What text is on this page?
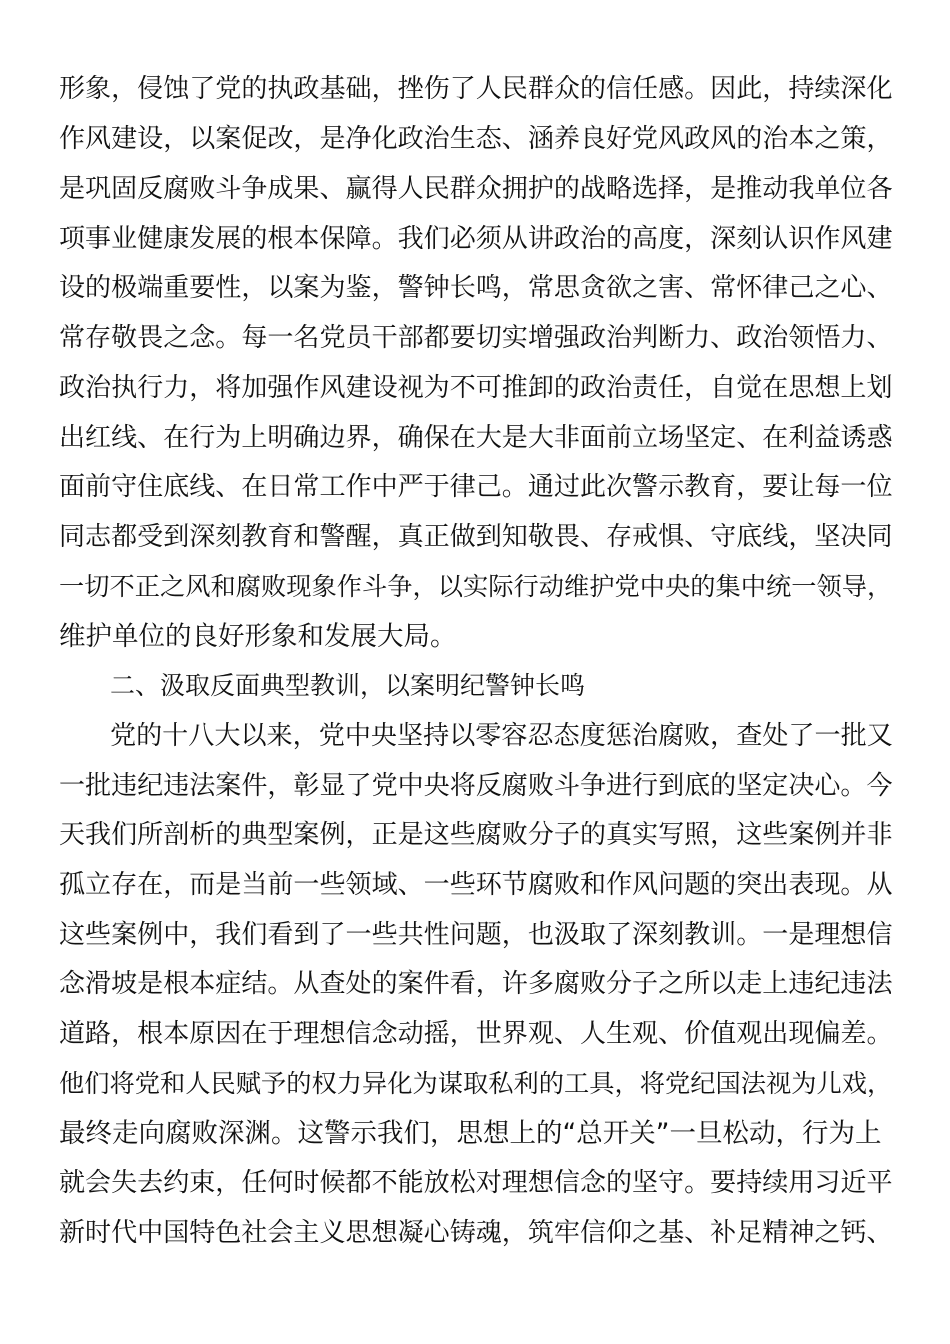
形象，侵蚀了党的执政基础，挫伤了人民群众的信任感。因此，持续深化
作风建设，以案促改，是净化政治生态、涵养良好党风政风的治本之策，
是巩固反腐败斗争成果、赢得人民群众拥护的战略选择，是推动我单位各
项事业健康发展的根本保障。我们必须从讲政治的高度，深刻认识作风建
设的极端重要性，以案为鉴，警钟长鸣，常思贪欲之害、常怀律己之心、
常存敬畏之念。每一名党员干部都要切实增强政治判断力、政治领悟力、
政治执行力，将加强作风建设视为不可推卸的政治责任，自觉在思想上划
出红线、在行为上明确边界，确保在大是大非面前立场坚定、在利益诱惑
面前守住底线、在日常工作中严于律己。通过此次警示教育，要让每一位
同志都受到深刻教育和警醒，真正做到知敬畏、存戒惧、守底线，坚决同
一切不正之风和腐败现象作斗争，以实际行动维护党中央的集中统一领导，
维护单位的良好形象和发展大局。
二、汲取反面典型教训，以案明纪警钟长鸣
党的十八大以来，党中央坚持以零容忍态度惩治腐败，查处了一批又
一批违纪违法案件，彰显了党中央将反腐败斗争进行到底的坚定决心。今
天我们所剖析的典型案例，正是这些腐败分子的真实写照，这些案例并非
孤立存在，而是当前一些领域、一些环节腐败和作风问题的突出表现。从
这些案例中，我们看到了一些共性问题，也汲取了深刻教训。一是理想信
念滑坡是根本症结。从查处的案件看，许多腐败分子之所以走上违纪违法
道路，根本原因在于理想信念动摇，世界观、人生观、价值观出现偏差。
他们将党和人民赋予的权力异化为谋取私利的工具，将党纪国法视为儿戏，
最终走向腐败深渊。这警示我们，思想上的“总开关”一旦松动，行为上
就会失去约束，任何时候都不能放松对理想信念的坚守。要持续用习近平
新时代中国特色社会主义思想凝心铸魂，筑牢信仰之基、补足精神之钙、
